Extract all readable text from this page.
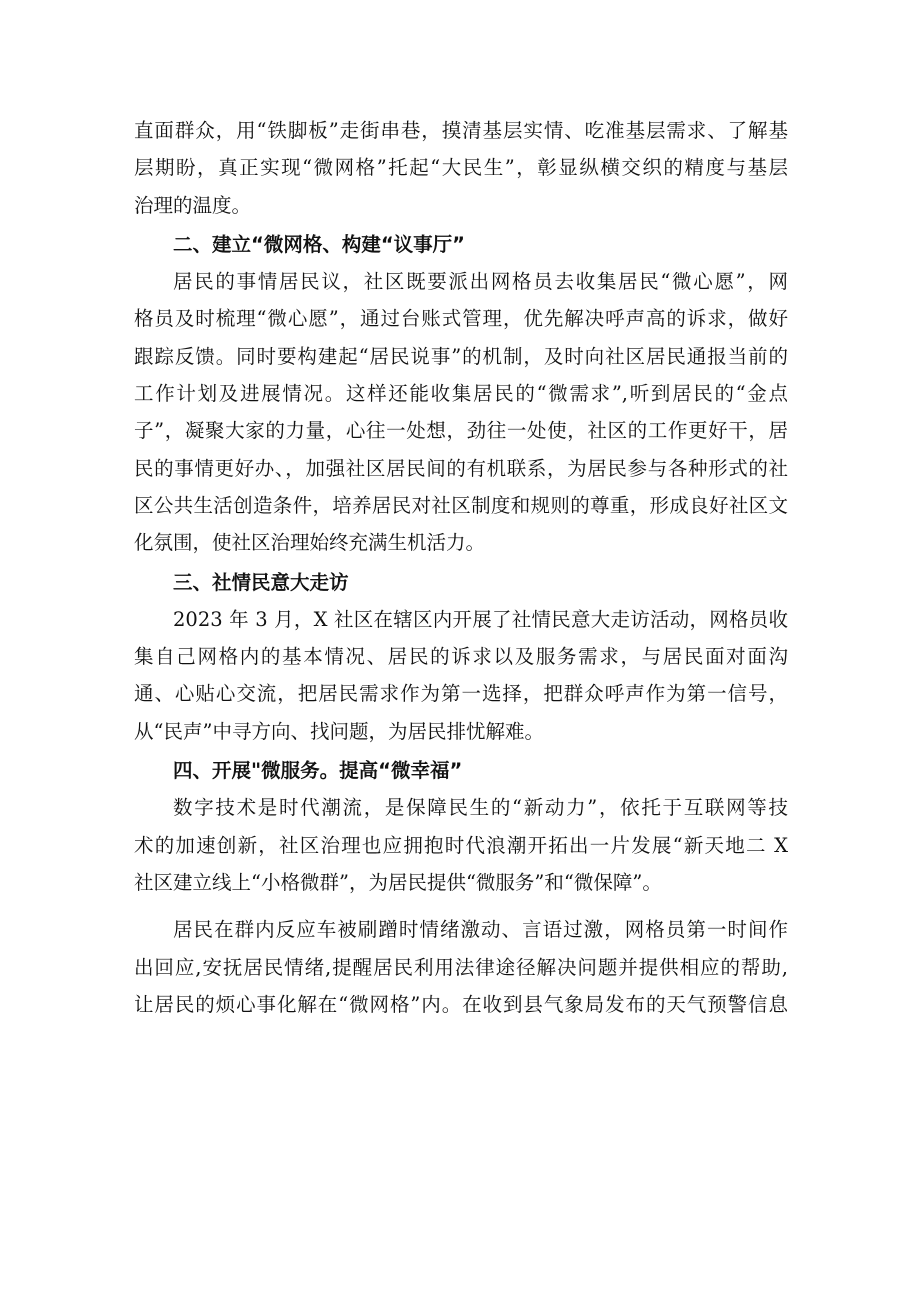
直面群众，用“铁脚板”走街串巷，摸清基层实情、吃准基层需求、了解基
层期盼，真正实现“微网格”托起“大民生”，彰显纵横交织的精度与基层
治理的温度。
二、建立“微网格、构建“议事厅”
居民的事情居民议，社区既要派出网格员去收集居民“微心愿”，网
格员及时梳理“微心愿”，通过台账式管理，优先解决呼声高的诉求，做好
跟踪反馈。同时要构建起“居民说事”的机制，及时向社区居民通报当前的
工作计划及进展情况。这样还能收集居民的“微需求”,听到居民的“金点
子”，凝聚大家的力量，心往一处想，劲往一处使，社区的工作更好干，居
民的事情更好办、，加强社区居民间的有机联系，为居民参与各种形式的社
区公共生活创造条件，培养居民对社区制度和规则的尊重，形成良好社区文
化氛围，使社区治理始终充满生机活力。
三、社情民意大走访
2023 年 3 月，X 社区在辖区内开展了社情民意大走访活动，网格员收
集自己网格内的基本情况、居民的诉求以及服务需求，与居民面对面沟
通、心贴心交流，把居民需求作为第一选择，把群众呼声作为第一信号，
从“民声”中寻方向、找问题，为居民排忧解难。
四、开展"微服务。提高“微幸福”
数字技术是时代潮流，是保障民生的“新动力”，依托于互联网等技
术的加速创新，社区治理也应拥抱时代浪潮开拓出一片发展“新天地二 X
社区建立线上“小格微群”，为居民提供“微服务”和“微保障”。
居民在群内反应车被刷蹭时情绪激动、言语过激，网格员第一时间作
出回应,安抚居民情绪,提醒居民利用法律途径解决问题并提供相应的帮助,
让居民的烦心事化解在“微网格”内。在收到县气象局发布的天气预警信息
